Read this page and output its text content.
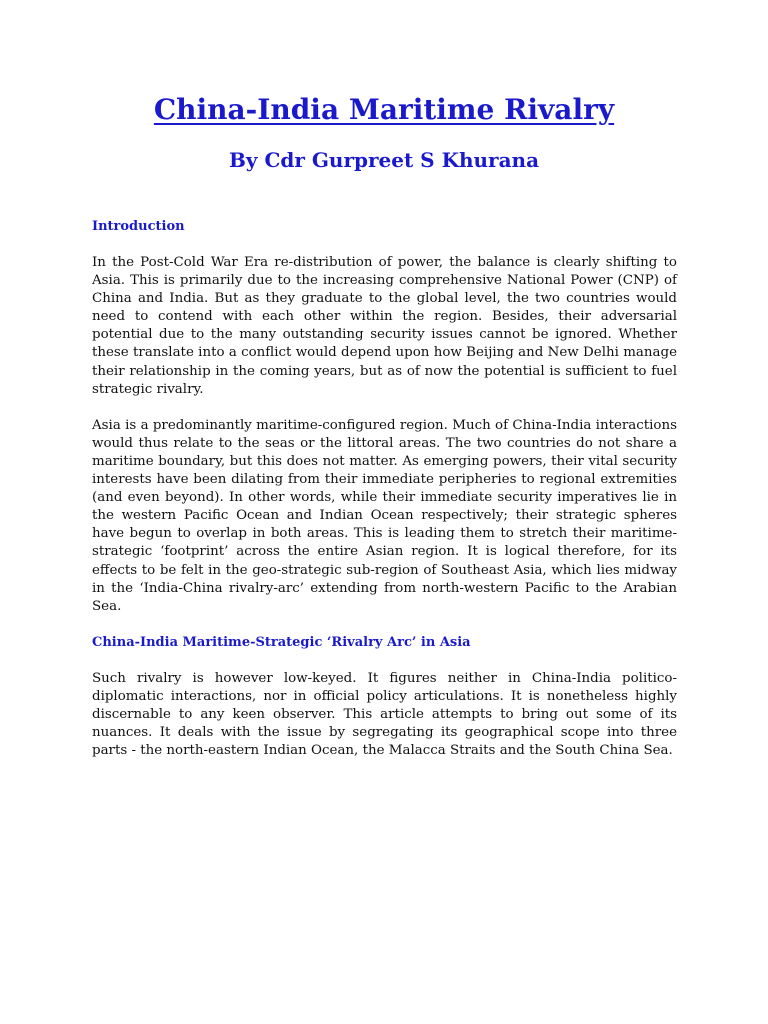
China-India Maritime Rivalry
By Cdr Gurpreet S Khurana

Introduction

In the Post-Cold War Era re-distribution of power, the balance is clearly shifting to Asia. This is primarily due to the increasing comprehensive National Power (CNP) of China and India. But as they graduate to the global level, the two countries would need to contend with each other within the region. Besides, their adversarial potential due to the many outstanding security issues cannot be ignored. Whether these translate into a conflict would depend upon how Beijing and New Delhi manage their relationship in the coming years, but as of now the potential is sufficient to fuel strategic rivalry.

Asia is a predominantly maritime-configured region. Much of China-India interactions would thus relate to the seas or the littoral areas. The two countries do not share a maritime boundary, but this does not matter. As emerging powers, their vital security interests have been dilating from their immediate peripheries to regional extremities (and even beyond). In other words, while their immediate security imperatives lie in the western Pacific Ocean and Indian Ocean respectively; their strategic spheres have begun to overlap in both areas. This is leading them to stretch their maritime-strategic ‘footprint’ across the entire Asian region. It is logical therefore, for its effects to be felt in the geo-strategic sub-region of Southeast Asia, which lies midway in the ‘India-China rivalry-arc’ extending from north-western Pacific to the Arabian Sea.

China-India Maritime-Strategic ‘Rivalry Arc’ in Asia

Such rivalry is however low-keyed. It figures neither in China-India politico-diplomatic interactions, nor in official policy articulations. It is nonetheless highly discernable to any keen observer. This article attempts to bring out some of its nuances. It deals with the issue by segregating its geographical scope into three parts - the north-eastern Indian Ocean, the Malacca Straits and the South China Sea.
